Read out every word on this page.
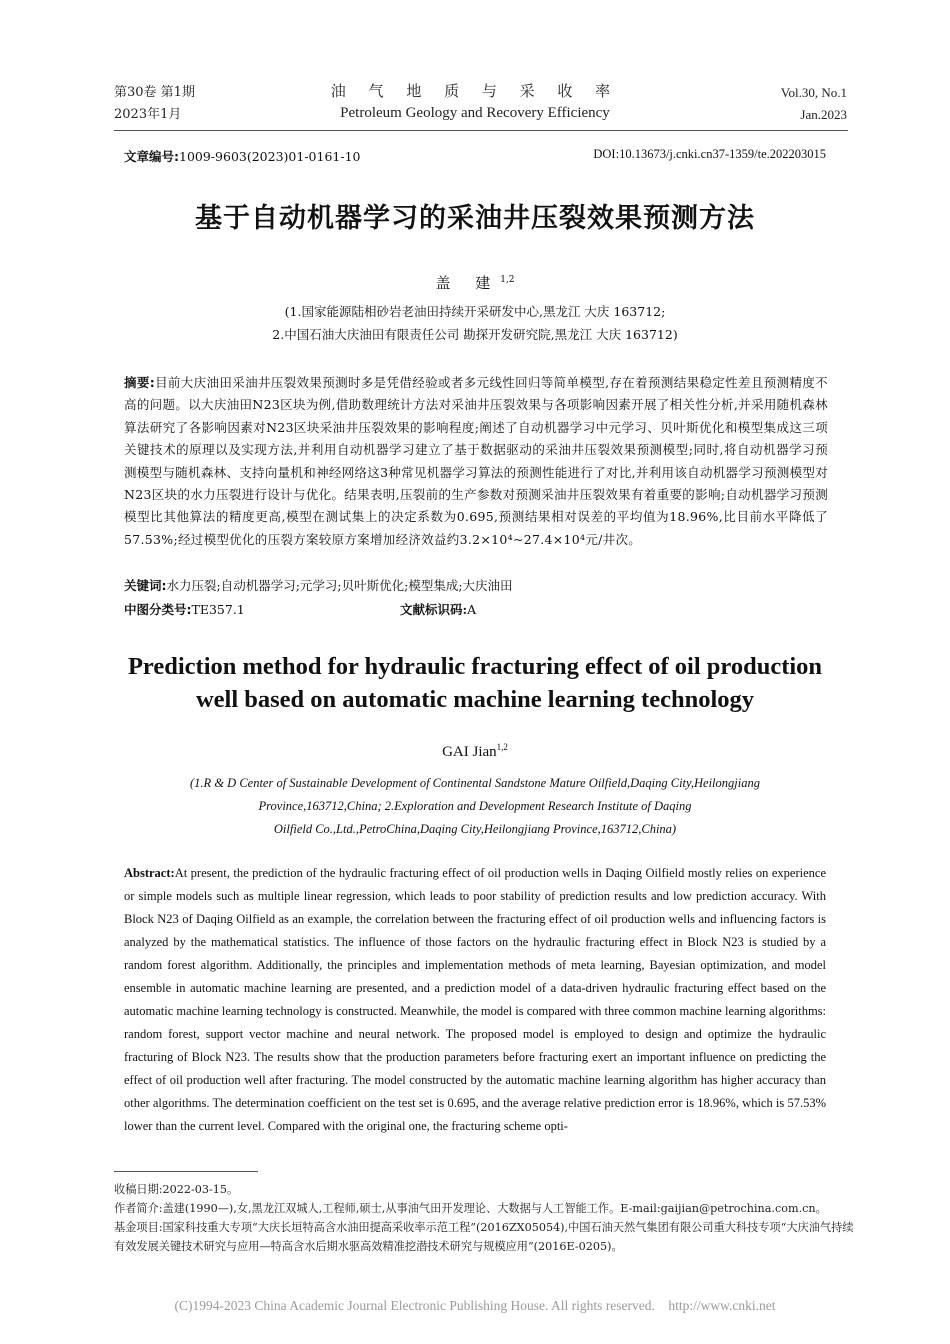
第30卷 第1期
2023年1月
油 气 地 质 与 采 收 率
Petroleum Geology and Recovery Efficiency
Vol.30, No.1
Jan.2023
文章编号:1009-9603(2023)01-0161-10	DOI:10.13673/j.cnki.cn37-1359/te.202203015
基于自动机器学习的采油井压裂效果预测方法
盖 建$^{1,2}$
(1.国家能源陆相砂岩老油田持续开采研发中心,黑龙江 大庆 163712;
2.中国石油大庆油田有限责任公司 勘探开发研究院,黑龙江 大庆 163712)
摘要:目前大庆油田采油井压裂效果预测时多是凭借经验或者多元线性回归等简单模型,存在着预测结果稳定性差且预测精度不高的问题。以大庆油田N23区块为例,借助数理统计方法对采油井压裂效果与各项影响因素开展了相关性分析,并采用随机森林算法研究了各影响因素对N23区块采油井压裂效果的影响程度;阐述了自动机器学习中元学习、贝叶斯优化和模型集成这三项关键技术的原理以及实现方法,并利用自动机器学习建立了基于数据驱动的采油井压裂效果预测模型;同时,将自动机器学习预测模型与随机森林、支持向量机和神经网络这3种常见机器学习算法的预测性能进行了对比,并利用该自动机器学习预测模型对N23区块的水力压裂进行设计与优化。结果表明,压裂前的生产参数对预测采油井压裂效果有着重要的影响;自动机器学习预测模型比其他算法的精度更高,模型在测试集上的决定系数为0.695,预测结果相对误差的平均值为18.96%,比目前水平降低了57.53%;经过模型优化的压裂方案较原方案增加经济效益约3.2×10⁴~27.4×10⁴元/井次。
关键词:水力压裂;自动机器学习;元学习;贝叶斯优化;模型集成;大庆油田
中图分类号:TE357.1	文献标识码:A
Prediction method for hydraulic fracturing effect of oil production
well based on automatic machine learning technology
GAI Jian$^{1,2}$
(1.R & D Center of Sustainable Development of Continental Sandstone Mature Oilfield,Daqing City,Heilongjiang
Province,163712,China; 2.Exploration and Development Research Institute of Daqing
Oilfield Co.,Ltd.,PetroChina,Daqing City,Heilongjiang Province,163712,China)
Abstract:At present, the prediction of the hydraulic fracturing effect of oil production wells in Daqing Oilfield mostly relies on experience or simple models such as multiple linear regression, which leads to poor stability of prediction results and low prediction accuracy. With Block N23 of Daqing Oilfield as an example, the correlation between the fracturing effect of oil production wells and influencing factors is analyzed by the mathematical statistics. The influence of those factors on the hydraulic fracturing effect in Block N23 is studied by a random forest algorithm. Additionally, the principles and implementation methods of meta learning, Bayesian optimization, and model ensemble in automatic machine learning are presented, and a prediction model of a data-driven hydraulic fracturing effect based on the automatic machine learning technology is constructed. Meanwhile, the model is compared with three common machine learning algorithms: random forest, support vector machine and neural network. The proposed model is employed to design and optimize the hydraulic fracturing of Block N23. The results show that the production parameters before fracturing exert an important influence on predicting the effect of oil production well after fracturing. The model constructed by the automatic machine learning algorithm has higher accuracy than other algorithms. The determination coefficient on the test set is 0.695, and the average relative prediction error is 18.96%, which is 57.53% lower than the current level. Compared with the original one, the fracturing scheme opti-
收稿日期:2022-03-15。
作者简介:盖建(1990—),女,黑龙江双城人,工程师,硕士,从事油气田开发理论、大数据与人工智能工作。E-mail:gaijian@petrochina.com.cn。
基金项目:国家科技重大专项“大庆长垣特高含水油田提高采收率示范工程”(2016ZX05054),中国石油天然气集团有限公司重大科技专项“大庆油气持续有效发展关键技术研究与应用—特高含水后期水驱高效精准挖潜技术研究与规模应用”(2016E-0205)。
(C)1994-2023 China Academic Journal Electronic Publishing House. All rights reserved.    http://www.cnki.net
